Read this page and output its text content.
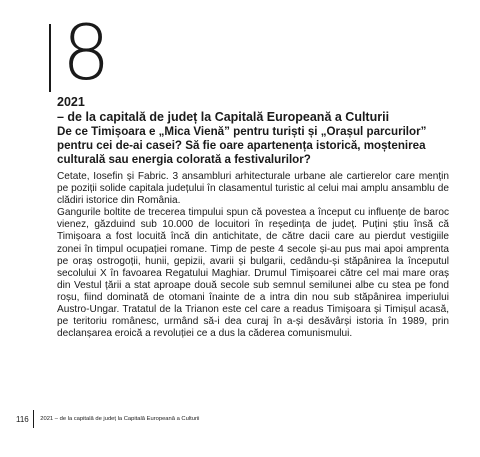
8
2021
– de la capitală de județ la Capitală Europeană a Culturii
De ce Timișoara e „Mica Vienă” pentru turiști și „Orașul parcurilor” pentru cei de-ai casei? Să fie oare apartenența istorică, moștenirea culturală sau energia colorată a festivalurilor?

Cetate, Iosefin și Fabric. 3 ansambluri arhitecturale urbane ale cartierelor care mențin pe poziții solide capitala județului în clasamentul turistic al celui mai amplu ansamblu de clădiri istorice din România.

Gangurile boltite de trecerea timpului spun că povestea a început cu influențe de baroc vienez, găzduind sub 10.000 de locuitori în reședința de județ. Puțini știu însă că Timișoara a fost locuită încă din antichitate, de către dacii care au pierdut vestigiile zonei în timpul ocupației romane. Timp de peste 4 secole și-au pus mai apoi amprenta pe oraș ostrogoții, hunii, gepizii, avarii și bulgarii, cedându-și stăpânirea la începutul secolului X în favoarea Regatului Maghiar. Drumul Timișoarei către cel mai mare oraș din Vestul țării a stat aproape două secole sub semnul semilunei albe cu stea pe fond roșu, fiind dominată de otomani înainte de a intra din nou sub stăpânirea imperiului Austro-Ungar. Tratatul de la Trianon este cel care a readus Timișoara și Timișul acasă, pe teritoriu românesc, urmând să-i dea curaj în a-și desăvârși istoria în 1989, prin declanșarea eroică a revoluției ce a dus la căderea comunismului.

116 2021 – de la capitală de județ la Capitală Europeană a Culturii
